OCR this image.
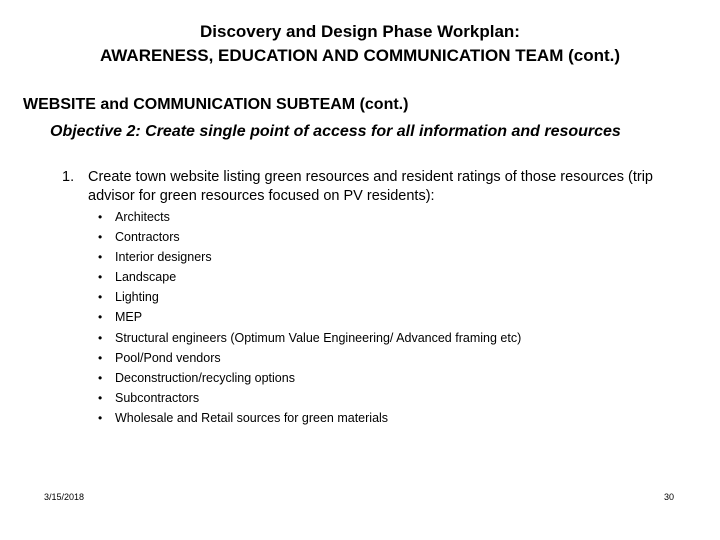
Discovery and Design Phase Workplan:
AWARENESS, EDUCATION AND COMMUNICATION TEAM (cont.)
WEBSITE and COMMUNICATION SUBTEAM (cont.)
Objective 2: Create single point of access for all information and resources
1. Create town website listing green resources and resident ratings of those resources (trip advisor for green resources focused on PV residents):
•	Architects
•	Contractors
•	Interior designers
•	Landscape
•	Lighting
•	MEP
•	Structural engineers (Optimum Value Engineering/ Advanced framing etc)
•	Pool/Pond vendors
•	Deconstruction/recycling options
•	Subcontractors
•	Wholesale and Retail sources for green materials
3/15/2018	30
